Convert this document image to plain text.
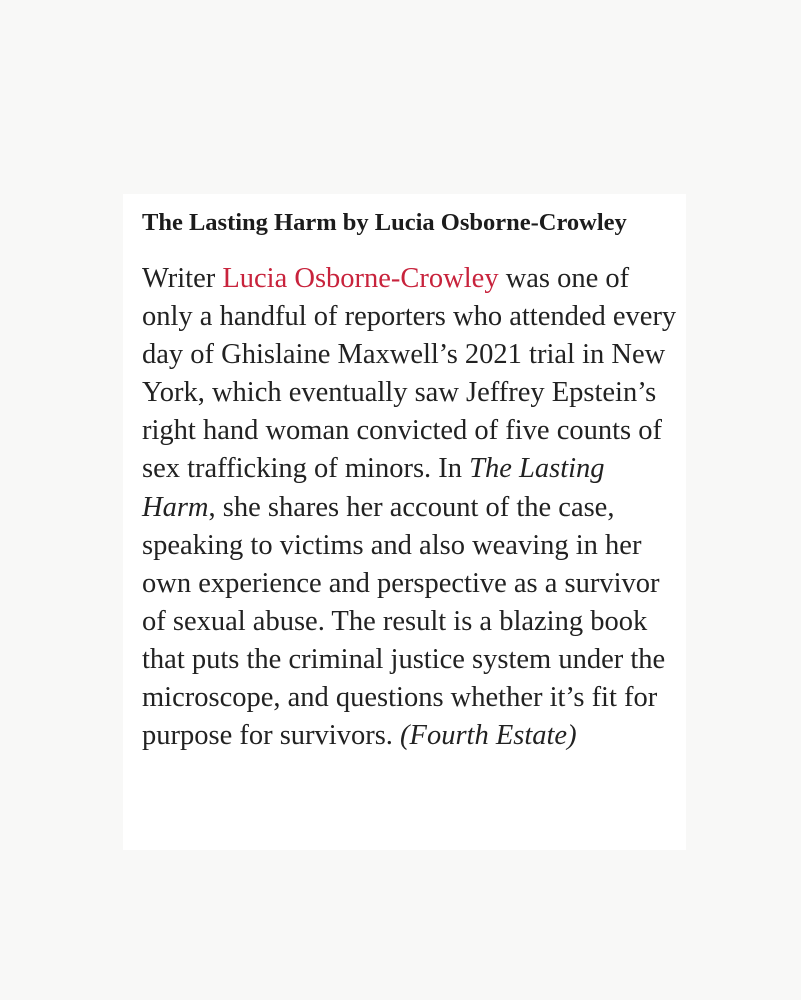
The Lasting Harm by Lucia Osborne-Crowley

Writer Lucia Osborne-Crowley was one of only a handful of reporters who attended every day of Ghislaine Maxwell’s 2021 trial in New York, which eventually saw Jeffrey Epstein’s right hand woman convicted of five counts of sex trafficking of minors. In The Lasting Harm, she shares her account of the case, speaking to victims and also weaving in her own experience and perspective as a survivor of sexual abuse. The result is a blazing book that puts the criminal justice system under the microscope, and questions whether it’s fit for purpose for survivors. (Fourth Estate)
